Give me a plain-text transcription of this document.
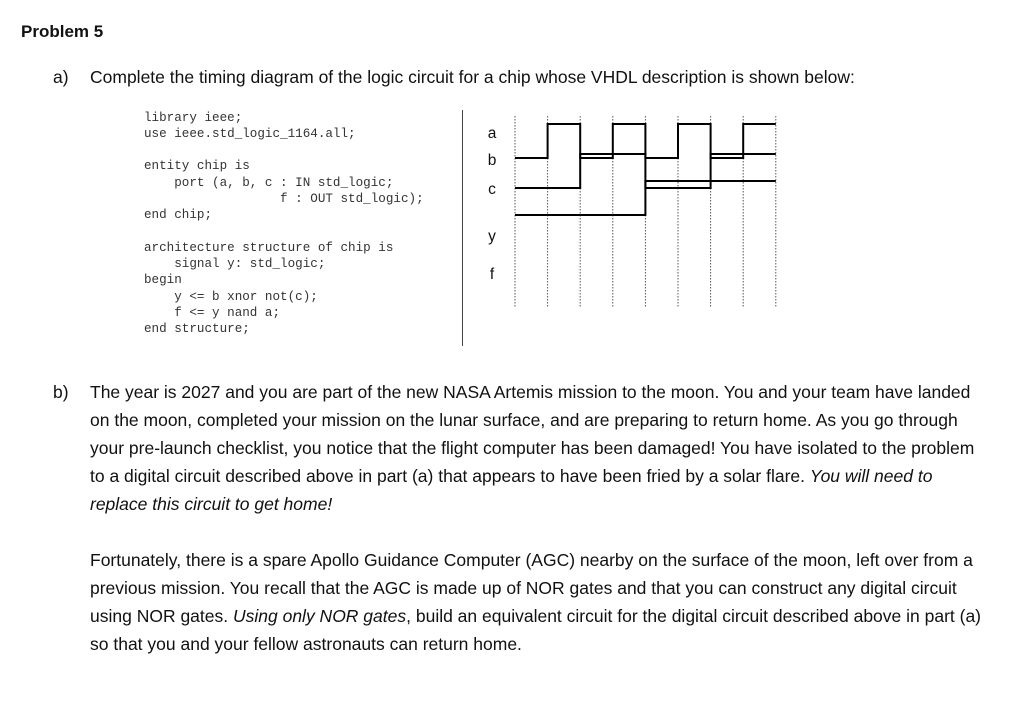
Problem 5
a) Complete the timing diagram of the logic circuit for a chip whose VHDL description is shown below:
library ieee;
use ieee.std_logic_1164.all;
entity chip is
port (a, b, c : IN std_logic;
f : OUT std_logic);
end chip;
architecture structure of chip is
signal y: std_logic;
begin
y <= b xnor not(c);
f <= y nand a;
end structure;
a
b
c
y
f
b) The year is 2027 and you are part of the new NASA Artemis mission to the moon. You and your team have landed on the moon, completed your mission on the lunar surface, and are preparing to return home. As you go through your pre-launch checklist, you notice that the flight computer has been damaged! You have isolated to the problem to a digital circuit described above in part (a) that appears to have been fried by a solar flare. You will need to replace this circuit to get home!

Fortunately, there is a spare Apollo Guidance Computer (AGC) nearby on the surface of the moon, left over from a previous mission. You recall that the AGC is made up of NOR gates and that you can construct any digital circuit using NOR gates. Using only NOR gates, build an equivalent circuit for the digital circuit described above in part (a) so that you and your fellow astronauts can return home.
